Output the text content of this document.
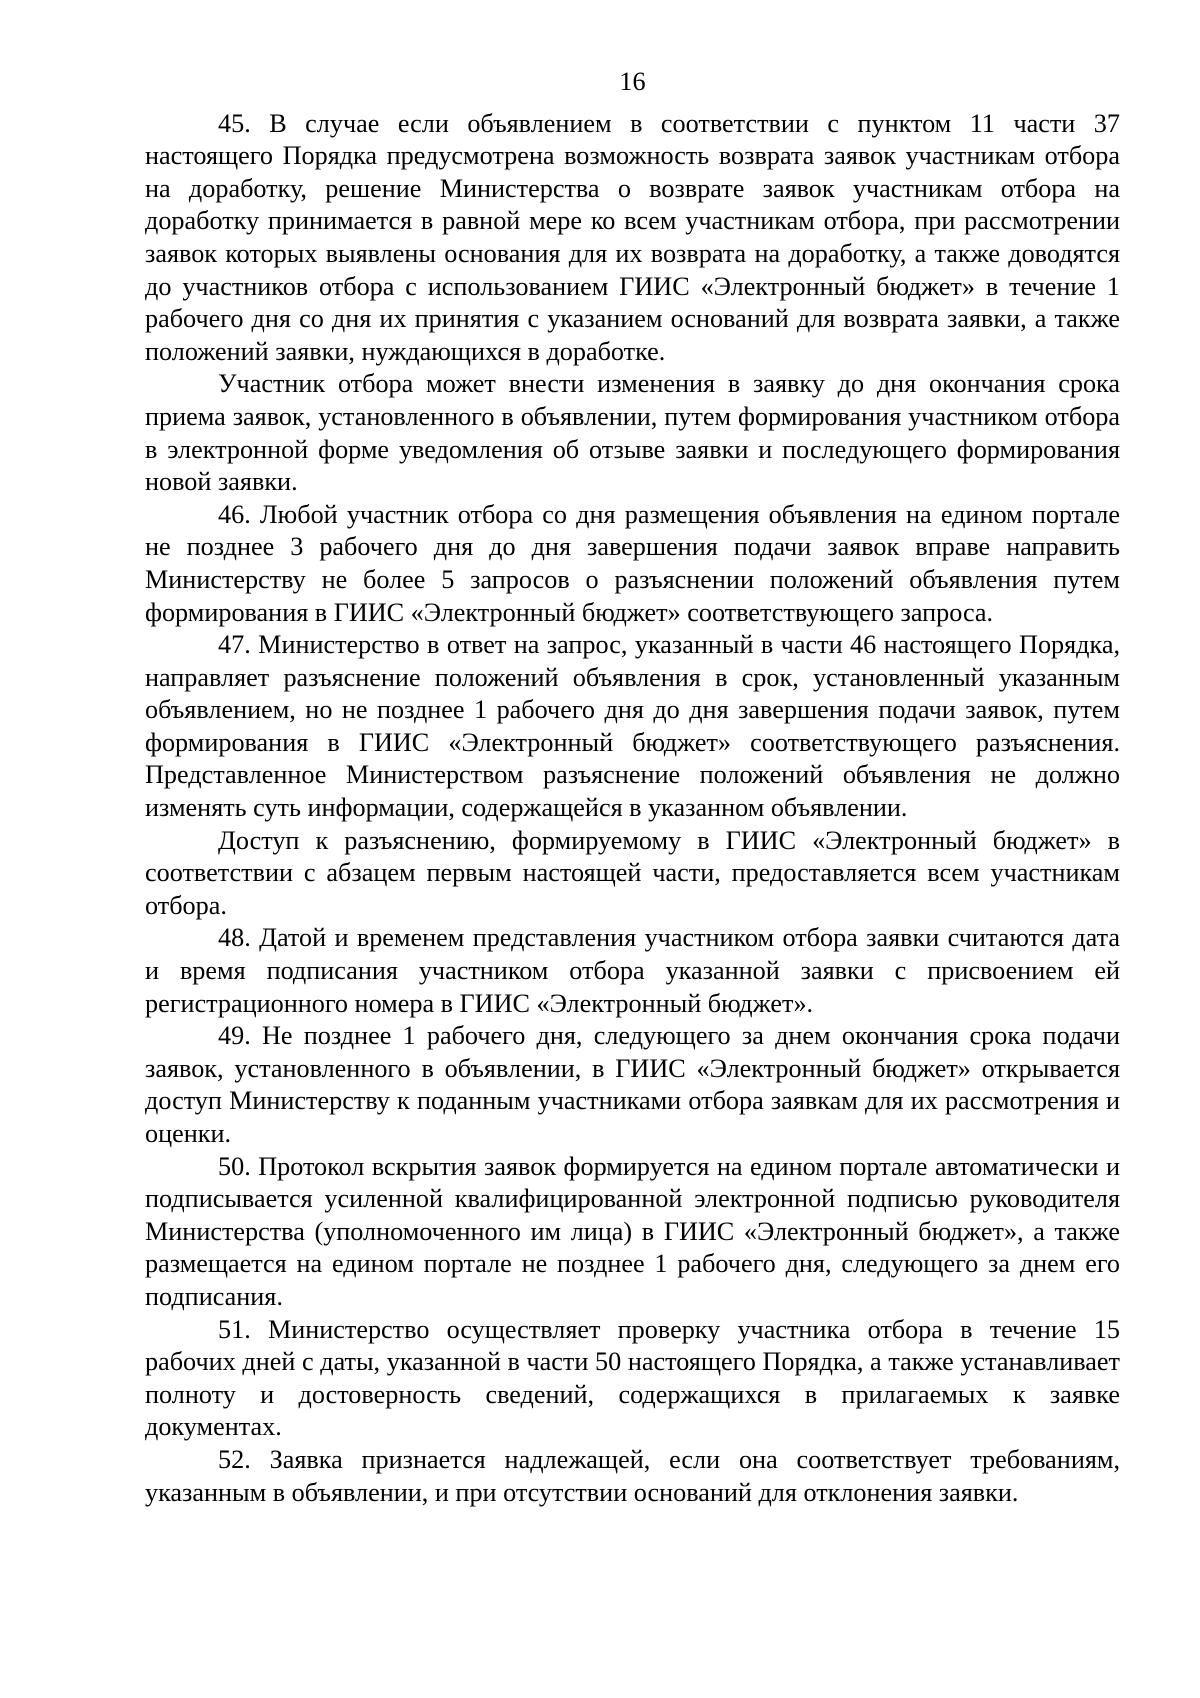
16

45. В случае если объявлением в соответствии с пунктом 11 части 37 настоящего Порядка предусмотрена возможность возврата заявок участникам отбора на доработку, решение Министерства о возврате заявок участникам отбора на доработку принимается в равной мере ко всем участникам отбора, при рассмотрении заявок которых выявлены основания для их возврата на доработку, а также доводятся до участников отбора с использованием ГИИС «Электронный бюджет» в течение 1 рабочего дня со дня их принятия с указанием оснований для возврата заявки, а также положений заявки, нуждающихся в доработке.

Участник отбора может внести изменения в заявку до дня окончания срока приема заявок, установленного в объявлении, путем формирования участником отбора в электронной форме уведомления об отзыве заявки и последующего формирования новой заявки.

46. Любой участник отбора со дня размещения объявления на едином портале не позднее 3 рабочего дня до дня завершения подачи заявок вправе направить Министерству не более 5 запросов о разъяснении положений объявления путем формирования в ГИИС «Электронный бюджет» соответствующего запроса.

47. Министерство в ответ на запрос, указанный в части 46 настоящего Порядка, направляет разъяснение положений объявления в срок, установленный указанным объявлением, но не позднее 1 рабочего дня до дня завершения подачи заявок, путем формирования в ГИИС «Электронный бюджет» соответствующего разъяснения. Представленное Министерством разъяснение положений объявления не должно изменять суть информации, содержащейся в указанном объявлении.

Доступ к разъяснению, формируемому в ГИИС «Электронный бюджет» в соответствии с абзацем первым настоящей части, предоставляется всем участникам отбора.

48. Датой и временем представления участником отбора заявки считаются дата и время подписания участником отбора указанной заявки с присвоением ей регистрационного номера в ГИИС «Электронный бюджет».

49. Не позднее 1 рабочего дня, следующего за днем окончания срока подачи заявок, установленного в объявлении, в ГИИС «Электронный бюджет» открывается доступ Министерству к поданным участниками отбора заявкам для их рассмотрения и оценки.

50. Протокол вскрытия заявок формируется на едином портале автоматически и подписывается усиленной квалифицированной электронной подписью руководителя Министерства (уполномоченного им лица) в ГИИС «Электронный бюджет», а также размещается на едином портале не позднее 1 рабочего дня, следующего за днем его подписания.

51. Министерство осуществляет проверку участника отбора в течение 15 рабочих дней с даты, указанной в части 50 настоящего Порядка, а также устанавливает полноту и достоверность сведений, содержащихся в прилагаемых к заявке документах.

52. Заявка признается надлежащей, если она соответствует требованиям, указанным в объявлении, и при отсутствии оснований для отклонения заявки.
